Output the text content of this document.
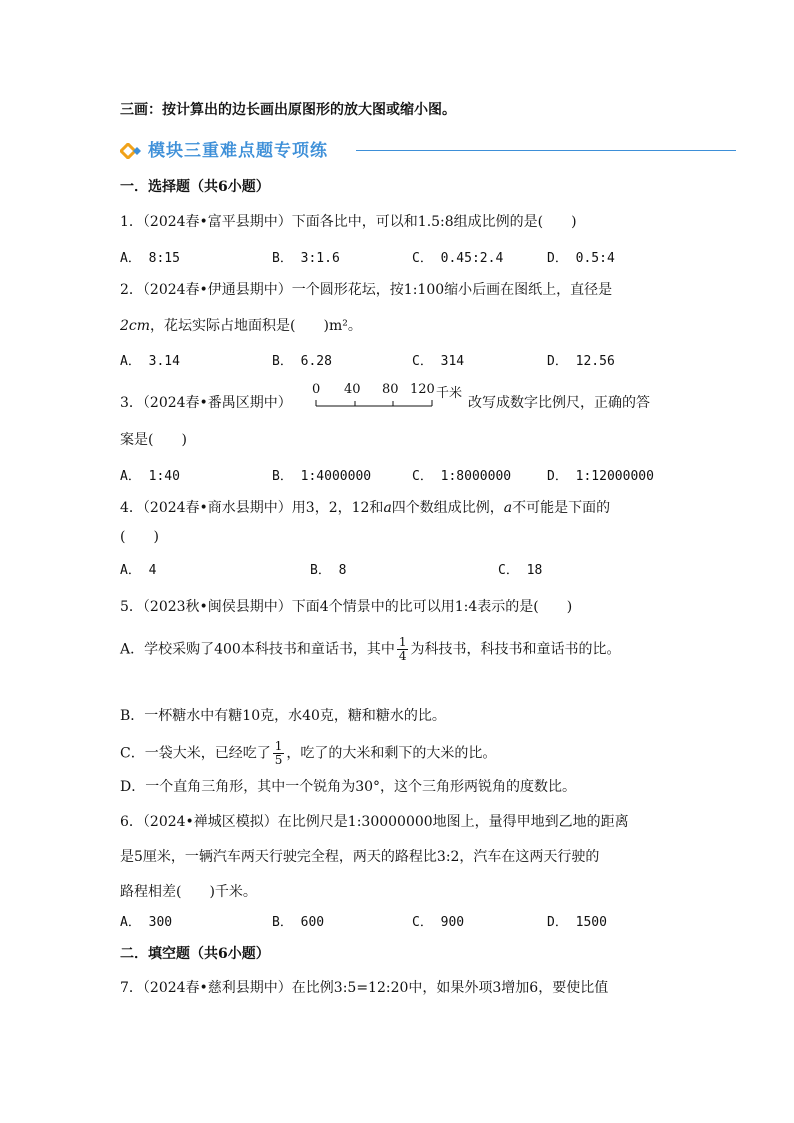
三画：按计算出的边长画出原图形的放大图或缩小图。
模块三重难点题专项练
一．选择题（共6小题）
1．（2024春•富平县期中）下面各比中，可以和1.5:8组成比例的是( )
A． 8:15	B． 3:1.6	C． 0.45:2.4	D． 0.5:4
2．（2024春•伊通县期中）一个圆形花坛，按1:100缩小后画在图纸上，直径是
2cm，花坛实际占地面积是( )m²。
A． 3.14	B． 6.28	C． 314	D． 12.56
3．（2024春•番禺区期中）
0 40 80 120 千米
改写成数字比例尺，正确的答
案是( )
A． 1:40	B． 1:4000000	C． 1:8000000	D． 1:12000000
4．（2024春•商水县期中）用3，2，12和a四个数组成比例，a不可能是下面的
( )
A． 4	B． 8	C． 18
5．（2023秋•闽侯县期中）下面4个情景中的比可以用1:4表示的是( )
A．学校采购了400本科技书和童话书，其中 $\frac{1}{4}$ 为科技书，科技书和童话书的比。
B．一杯糖水中有糖10克，水40克，糖和糖水的比。
C．一袋大米，已经吃了 $\frac{1}{5}$ ，吃了的大米和剩下的大米的比。
D．一个直角三角形，其中一个锐角为30°，这个三角形两锐角的度数比。
6．（2024•禅城区模拟）在比例尺是1:30000000地图上，量得甲地到乙地的距离
是5厘米，一辆汽车两天行驶完全程，两天的路程比3:2，汽车在这两天行驶的
路程相差( )千米。
A． 300	B． 600	C． 900	D． 1500
二．填空题（共6小题）
7．（2024春•慈利县期中）在比例3:5=12:20中，如果外项3增加6，要使比值
